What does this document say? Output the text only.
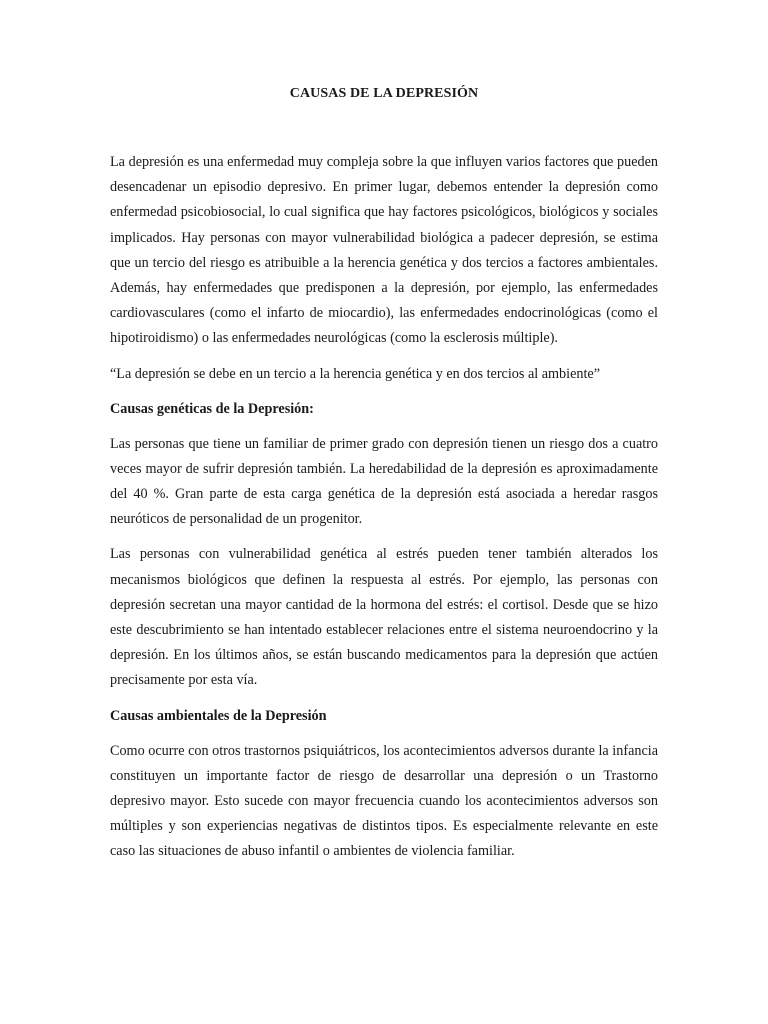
CAUSAS DE LA DEPRESIÓN

La depresión es una enfermedad muy compleja sobre la que influyen varios factores que pueden desencadenar un episodio depresivo. En primer lugar, debemos entender la depresión como enfermedad psicobiosocial, lo cual significa que hay factores psicológicos, biológicos y sociales implicados. Hay personas con mayor vulnerabilidad biológica a padecer depresión, se estima que un tercio del riesgo es atribuible a la herencia genética y dos tercios a factores ambientales. Además, hay enfermedades que predisponen a la depresión, por ejemplo, las enfermedades cardiovasculares (como el infarto de miocardio), las enfermedades endocrinológicas (como el hipotiroidismo) o las enfermedades neurológicas (como la esclerosis múltiple).

“La depresión se debe en un tercio a la herencia genética y en dos tercios al ambiente”

Causas genéticas de la Depresión:

Las personas que tiene un familiar de primer grado con depresión tienen un riesgo dos a cuatro veces mayor de sufrir depresión también. La heredabilidad de la depresión es aproximadamente del 40 %. Gran parte de esta carga genética de la depresión está asociada a heredar rasgos neuróticos de personalidad de un progenitor.

Las personas con vulnerabilidad genética al estrés pueden tener también alterados los mecanismos biológicos que definen la respuesta al estrés. Por ejemplo, las personas con depresión secretan una mayor cantidad de la hormona del estrés: el cortisol. Desde que se hizo este descubrimiento se han intentado establecer relaciones entre el sistema neuroendocrino y la depresión. En los últimos años, se están buscando medicamentos para la depresión que actúen precisamente por esta vía.

Causas ambientales de la Depresión

Como ocurre con otros trastornos psiquiátricos, los acontecimientos adversos durante la infancia constituyen un importante factor de riesgo de desarrollar una depresión o un Trastorno depresivo mayor. Esto sucede con mayor frecuencia cuando los acontecimientos adversos son múltiples y son experiencias negativas de distintos tipos. Es especialmente relevante en este caso las situaciones de abuso infantil o ambientes de violencia familiar.
